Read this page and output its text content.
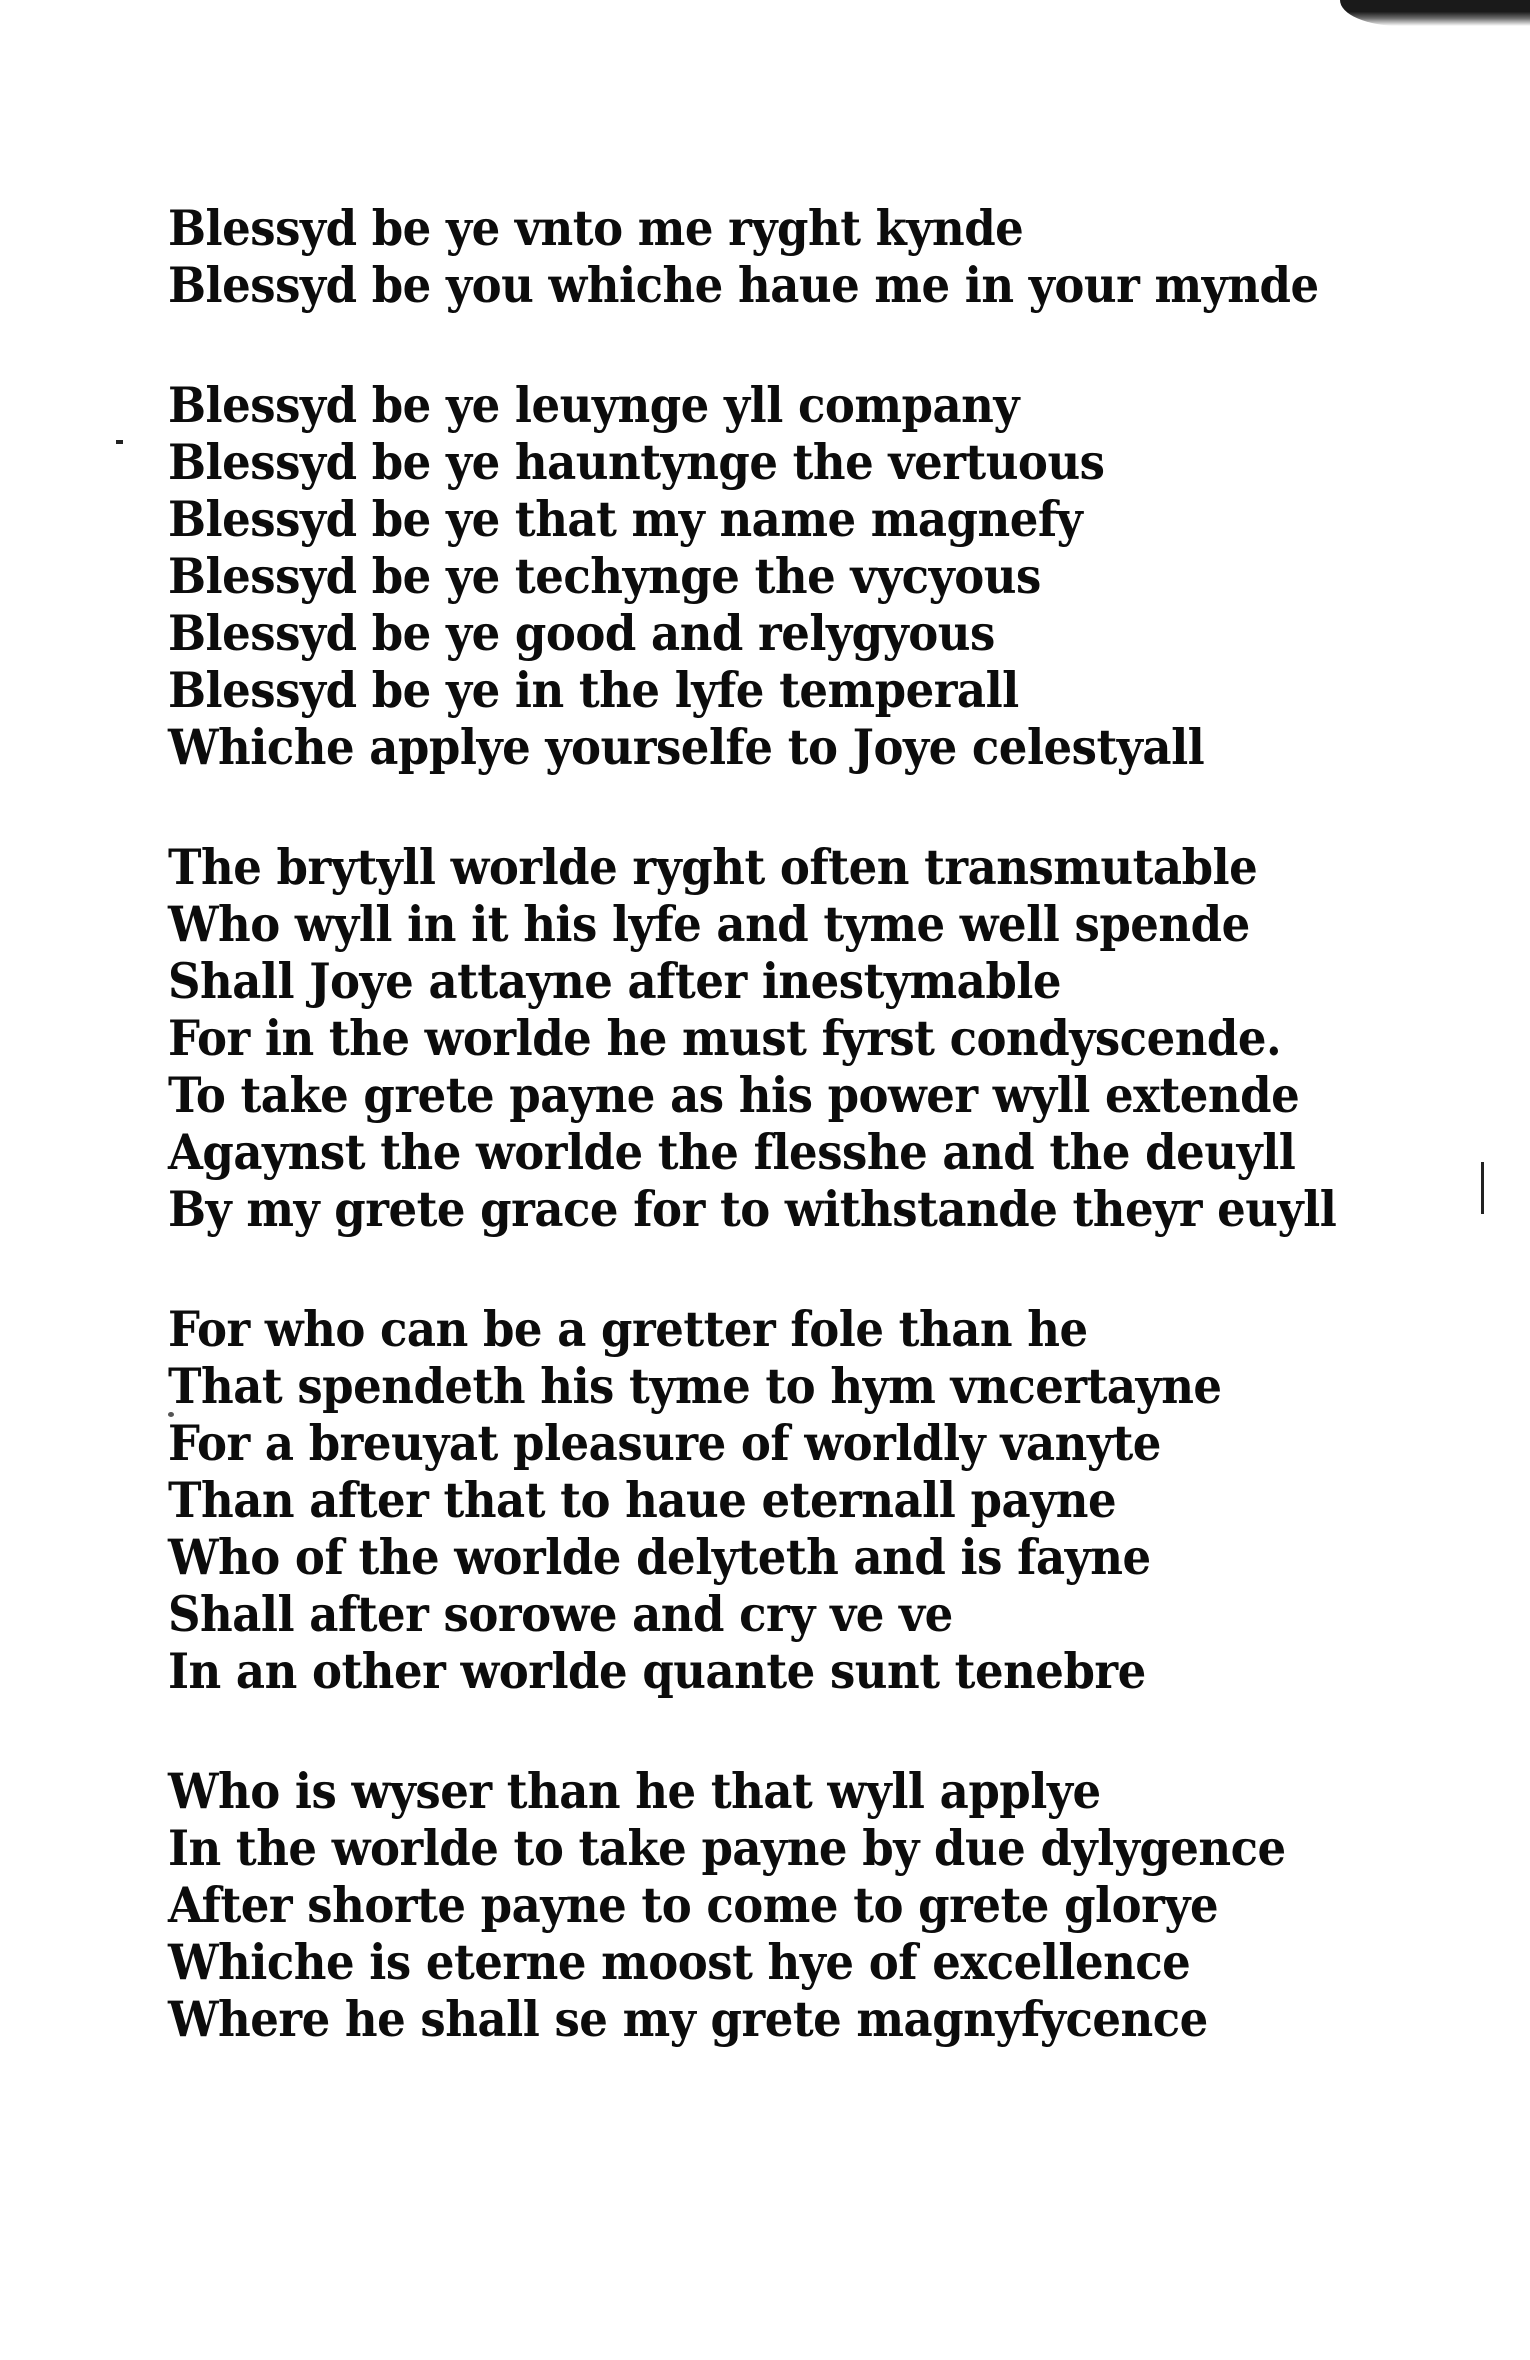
Blessyd be ye vnto me ryght kynde
Blessyd be you whiche haue me in your mynde
Blessyd be ye leuynge yll company
Blessyd be ye hauntynge the vertuous
Blessyd be ye that my name magnefy
Blessyd be ye techynge the vycyous
Blessyd be ye good and relygyous
Blessyd be ye in the lyfe temperall
Whiche applye yourselfe to Joye celestyall
The brytyll worlde ryght often transmutable
Who wyll in it his lyfe and tyme well spende
Shall Joye attayne after inestymable
For in the worlde he must fyrst condyscende.
To take grete payne as his power wyll extende
Agaynst the worlde the flesshe and the deuyll
By my grete grace for to withstande theyr euyll
For who can be a gretter fole than he
That spendeth his tyme to hym vncertayne
For a breuyat pleasure of worldly vanyte
Than after that to haue eternall payne
Who of the worlde delyteth and is fayne
Shall after sorowe and cry ve ve
In an other worlde quante sunt tenebre
Who is wyser than he that wyll applye
In the worlde to take payne by due dylygence
After shorte payne to come to grete glorye
Whiche is eterne moost hye of excellence
Where he shall se my grete magnyfycence
